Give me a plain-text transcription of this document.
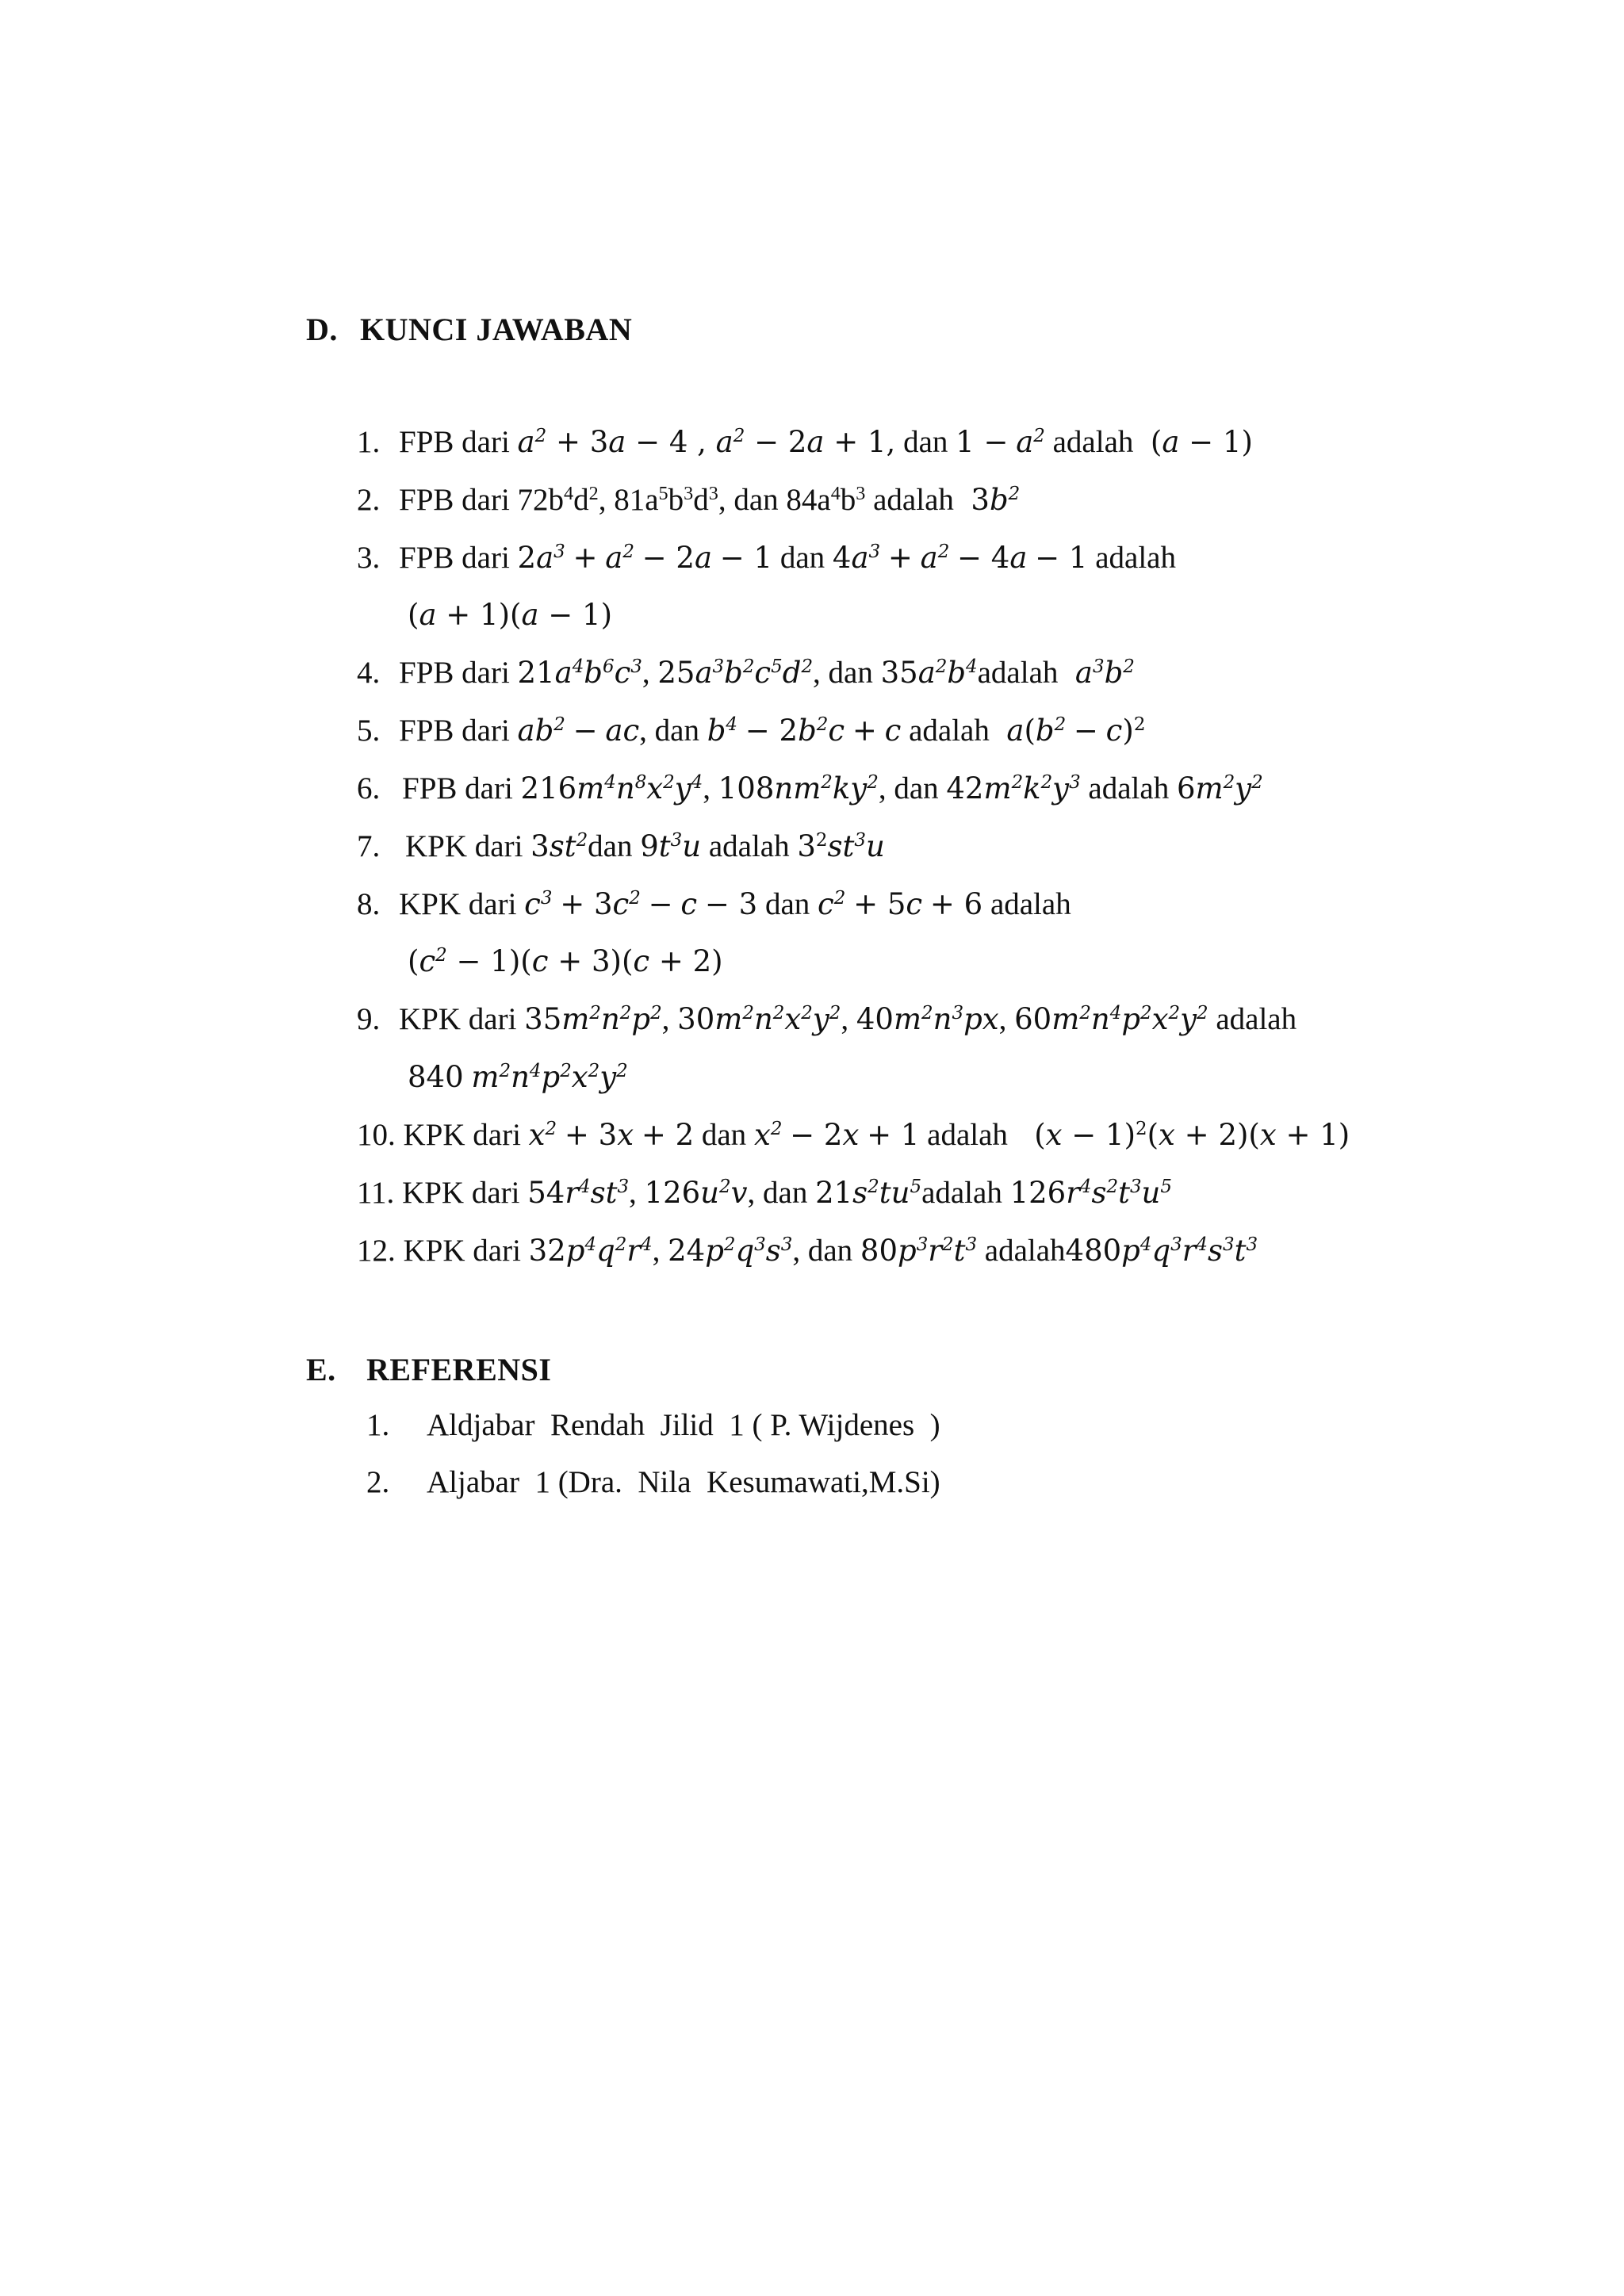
D. KUNCI JAWABAN
1. FPB dari $a^2 + 3a - 4$ , $a^2 - 2a + 1$, dan $1 - a^2$ adalah  (a − 1)
2. FPB dari $72b^4d^2$, $81a^5b^3d^3$, dan $84a^4b^3$ adalah  $3b^2$
3. FPB dari $2a^3 + a^2 - 2a - 1$ dan $4a^3 + a^2 - 4a - 1$ adalah
(a + 1)(a − 1)
4. FPB dari $21a^4b^6c^3$, $25a^3b^2c^5d^2$, dan $35a^2b^4adalah$  $a^3b^2$
5. FPB dari $ab^2$ − ac, dan $b^4 - 2b^2c + c$ adalah  $a(b^2 - c)^2$
6. FPB dari $216m^4n^8x^2y^4$, $108nm^2ky^2$, dan $42m^2k^2y^3$ adalah $6m^2y^2$
7. KPK dari $3st^2dan$ $9t^3u$ adalah $3^2st^3u$
8. KPK dari $c^3 + 3c^2 - c - 3$ dan $c^2 + 5c + 6$ adalah
$(c^2 - 1)(c + 3)(c + 2)$
9. KPK dari $35m^2n^2p^2$, $30m^2n^2x^2y^2$, $40m^2n^3px$, $60m^2n^4p^2x^2y^2$ adalah
840 $m^2n^4p^2x^2y^2$
10. KPK dari $x^2 + 3x + 2$ dan $x^2 - 2x + 1$ adalah   $(x - 1)^2(x + 2)(x + 1)$
11. KPK dari $54r^4st^3$, $126u^2v$, dan $21s^2tu^5adalah$ $126r^4s^2t^3u^5$
12. KPK dari $32p^4q^2r^4$, $24p^2q^3s^3$, dan $80p^3r^2t^3$ $adalah480p^4q^3r^4s^3t^3$
E. REFERENSI
1. Aldjabar  Rendah  Jilid  1 ( P. Wijdenes  )
2. Aljabar  1 (Dra.  Nila  Kesumawati,M.Si)
